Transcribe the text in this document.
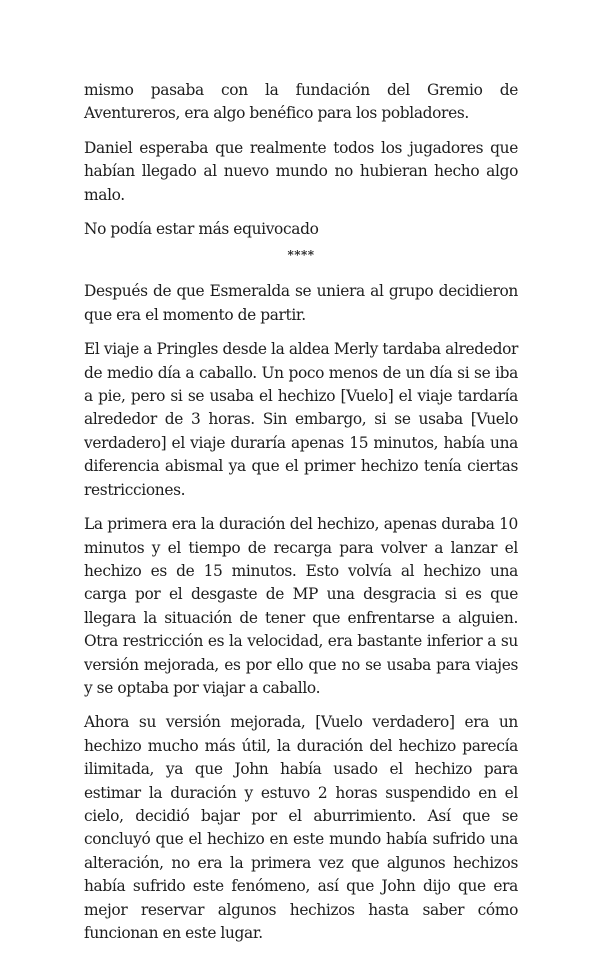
mismo pasaba con la fundación del Gremio de Aventureros, era algo benéfico para los pobladores.

Daniel esperaba que realmente todos los jugadores que habían llegado al nuevo mundo no hubieran hecho algo malo.

No podía estar más equivocado

****

Después de que Esmeralda se uniera al grupo decidieron que era el momento de partir.

El viaje a Pringles desde la aldea Merly tardaba alrededor de medio día a caballo. Un poco menos de un día si se iba a pie, pero si se usaba el hechizo [Vuelo] el viaje tardaría alrededor de 3 horas. Sin embargo, si se usaba [Vuelo verdadero] el viaje duraría apenas 15 minutos, había una diferencia abismal ya que el primer hechizo tenía ciertas restricciones.

La primera era la duración del hechizo, apenas duraba 10 minutos y el tiempo de recarga para volver a lanzar el hechizo es de 15 minutos. Esto volvía al hechizo una carga por el desgaste de MP una desgracia si es que llegara la situación de tener que enfrentarse a alguien. Otra restricción es la velocidad, era bastante inferior a su versión mejorada, es por ello que no se usaba para viajes y se optaba por viajar a caballo.

Ahora su versión mejorada, [Vuelo verdadero] era un hechizo mucho más útil, la duración del hechizo parecía ilimitada, ya que John había usado el hechizo para estimar la duración y estuvo 2 horas suspendido en el cielo, decidió bajar por el aburrimiento. Así que se concluyó que el hechizo en este mundo había sufrido una alteración, no era la primera vez que algunos hechizos había sufrido este fenómeno, así que John dijo que era mejor reservar algunos hechizos hasta saber cómo funcionan en este lugar.
